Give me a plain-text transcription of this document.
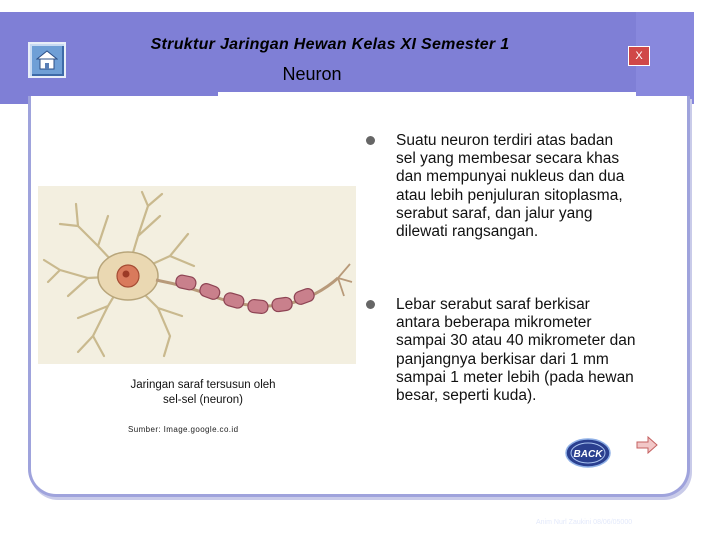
Struktur Jaringan Hewan Kelas XI Semester 1
Neuron
X
Jaringan saraf tersusun oleh
sel-sel (neuron)
Sumber: Image.google.co.id
Suatu neuron terdiri atas badan sel yang membesar secara khas dan mempunyai nukleus dan dua atau lebih penjuluran sitoplasma, serabut saraf, dan jalur yang dilewati rangsangan.
Lebar serabut saraf berkisar antara beberapa mikrometer sampai 30 atau 40 mikrometer dan panjangnya berkisar dari 1 mm sampai 1 meter lebih (pada hewan besar, seperti kuda).
BACK
Anim Nurl Zaukini 08/06/05000
